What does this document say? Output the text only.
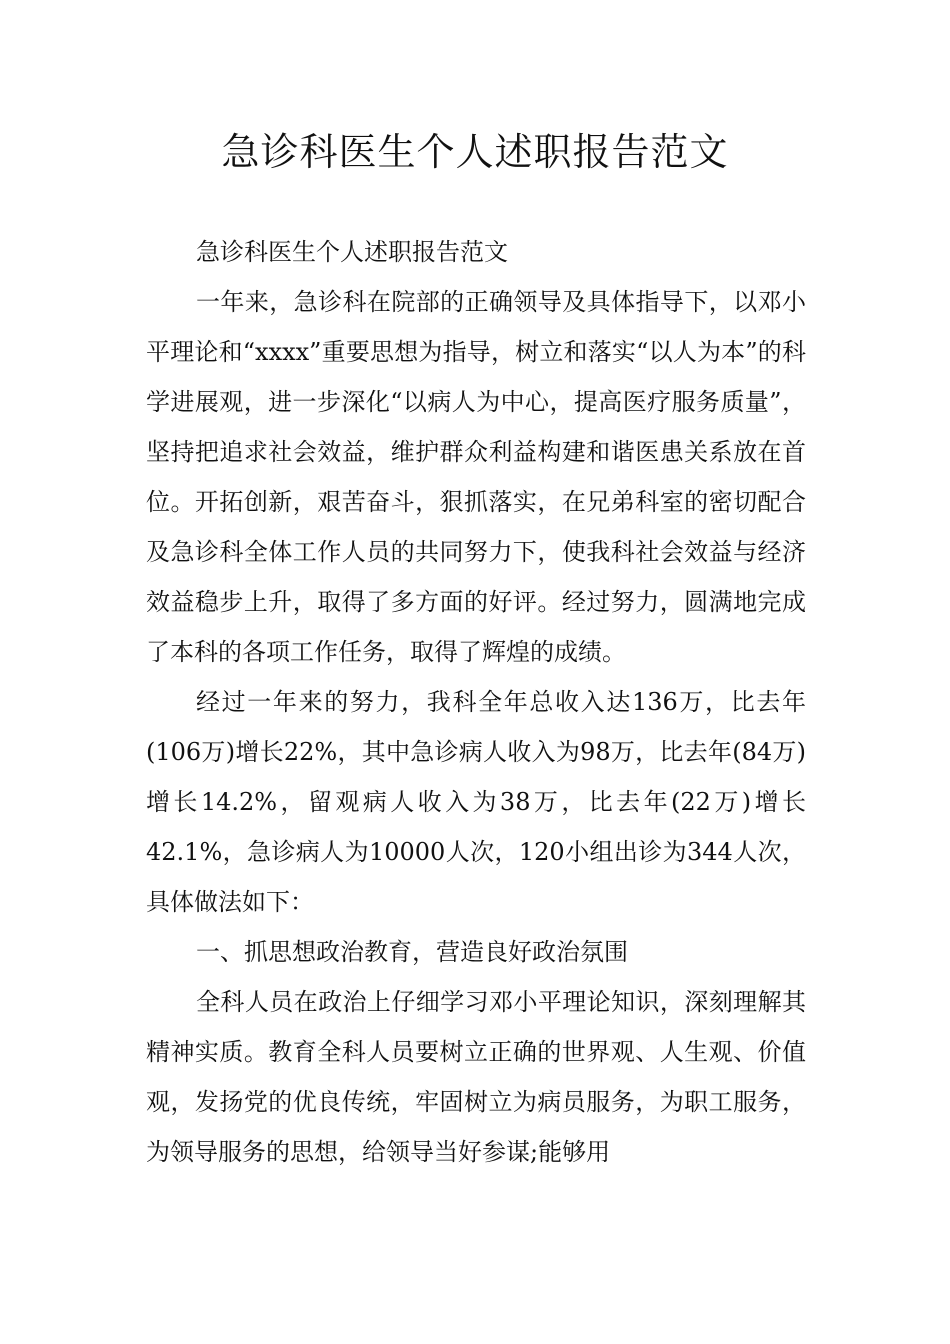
急诊科医生个人述职报告范文

急诊科医生个人述职报告范文

一年来，急诊科在院部的正确领导及具体指导下，以邓小平理论和“xxxx”重要思想为指导，树立和落实“以人为本”的科学进展观，进一步深化“以病人为中心，提高医疗服务质量”，坚持把追求社会效益，维护群众利益构建和谐医患关系放在首位。开拓创新，艰苦奋斗，狠抓落实，在兄弟科室的密切配合及急诊科全体工作人员的共同努力下，使我科社会效益与经济效益稳步上升，取得了多方面的好评。经过努力，圆满地完成了本科的各项工作任务，取得了辉煌的成绩。

经过一年来的努力，我科全年总收入达136万，比去年(106万)增长22%，其中急诊病人收入为98万，比去年(84万)增长14.2%，留观病人收入为38万，比去年(22万)增长42.1%，急诊病人为10000人次，120小组出诊为344人次，具体做法如下：

一、抓思想政治教育，营造良好政治氛围

全科人员在政治上仔细学习邓小平理论知识，深刻理解其精神实质。教育全科人员要树立正确的世界观、人生观、价值观，发扬党的优良传统，牢固树立为病员服务，为职工服务，为领导服务的思想，给领导当好参谋;能够用
